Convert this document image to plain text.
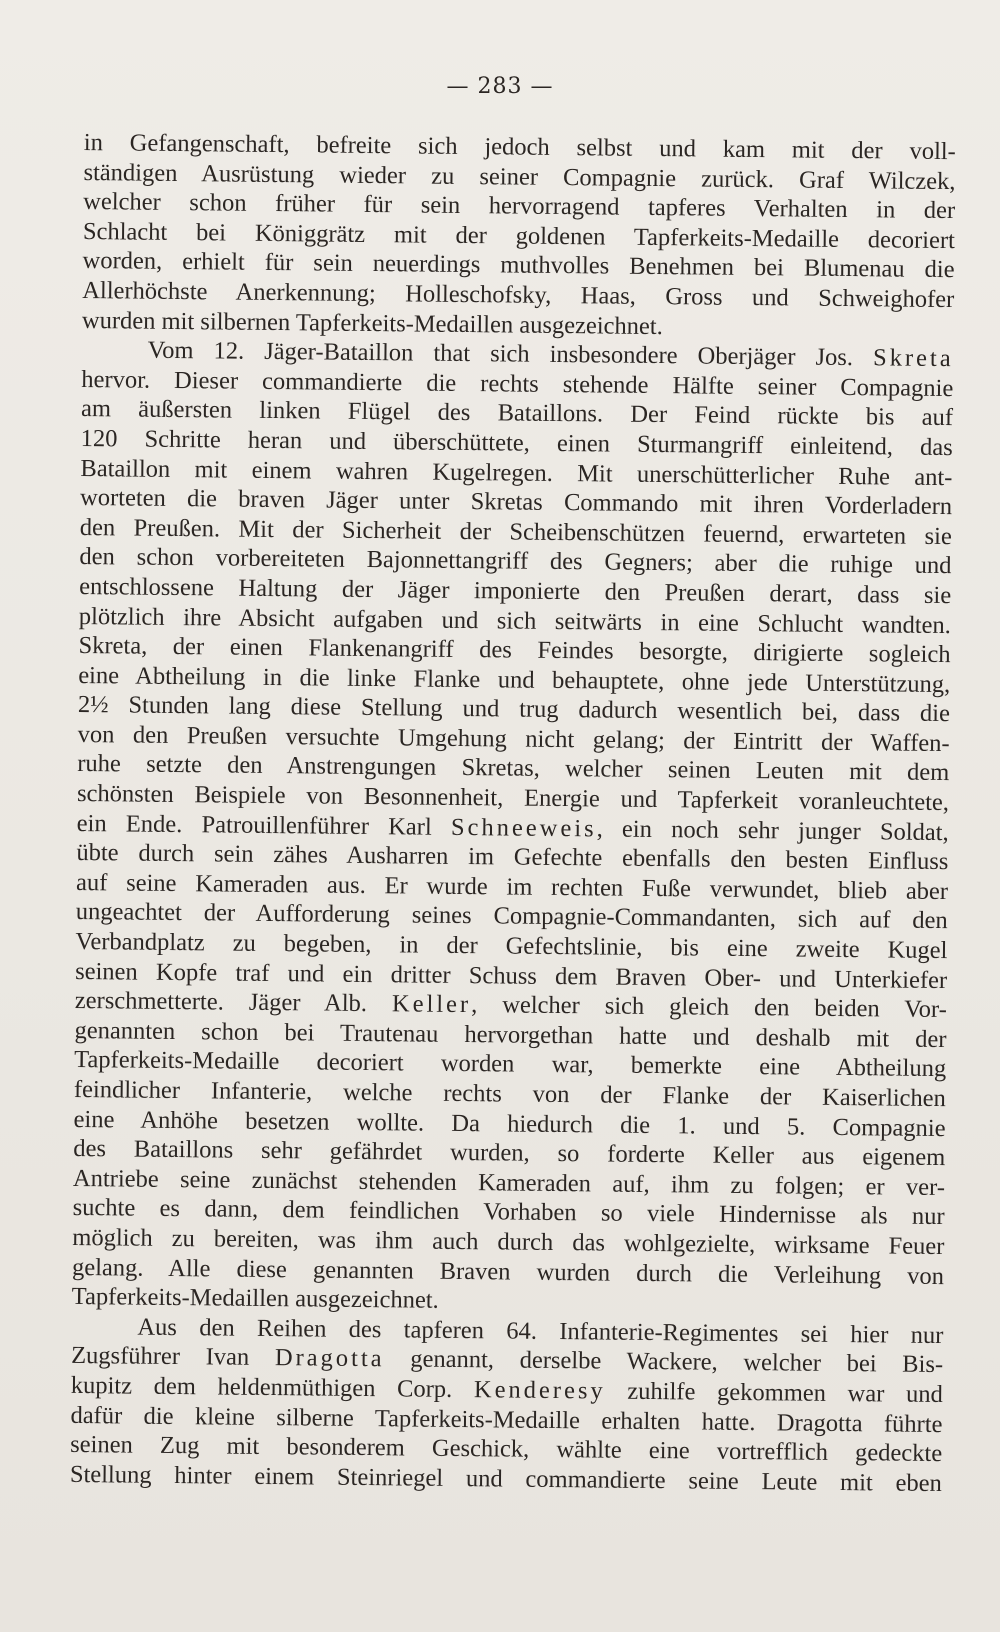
— 283 —
in Gefangenschaft, befreite sich jedoch selbst und kam mit der voll-
ständigen Ausrüstung wieder zu seiner Compagnie zurück. Graf Wilczek,
welcher schon früher für sein hervorragend tapferes Verhalten in der
Schlacht bei Königgrätz mit der goldenen Tapferkeits-Medaille decoriert
worden, erhielt für sein neuerdings muthvolles Benehmen bei Blumenau die
Allerhöchste Anerkennung; Holleschofsky, Haas, Gross und Schweighofer
wurden mit silbernen Tapferkeits-Medaillen ausgezeichnet.
Vom 12. Jäger-Bataillon that sich insbesondere Oberjäger Jos. Skreta
hervor. Dieser commandierte die rechts stehende Hälfte seiner Compagnie
am äußersten linken Flügel des Bataillons. Der Feind rückte bis auf
120 Schritte heran und überschüttete, einen Sturmangriff einleitend, das
Bataillon mit einem wahren Kugelregen. Mit unerschütterlicher Ruhe ant-
worteten die braven Jäger unter Skretas Commando mit ihren Vorderladern
den Preußen. Mit der Sicherheit der Scheibenschützen feuernd, erwarteten sie
den schon vorbereiteten Bajonnettangriff des Gegners; aber die ruhige und
entschlossene Haltung der Jäger imponierte den Preußen derart, dass sie
plötzlich ihre Absicht aufgaben und sich seitwärts in eine Schlucht wandten.
Skreta, der einen Flankenangriff des Feindes besorgte, dirigierte sogleich
eine Abtheilung in die linke Flanke und behauptete, ohne jede Unterstützung,
2½ Stunden lang diese Stellung und trug dadurch wesentlich bei, dass die
von den Preußen versuchte Umgehung nicht gelang; der Eintritt der Waffen-
ruhe setzte den Anstrengungen Skretas, welcher seinen Leuten mit dem
schönsten Beispiele von Besonnenheit, Energie und Tapferkeit voranleuchtete,
ein Ende. Patrouillenführer Karl Schneeweis, ein noch sehr junger Soldat,
übte durch sein zähes Ausharren im Gefechte ebenfalls den besten Einfluss
auf seine Kameraden aus. Er wurde im rechten Fuße verwundet, blieb aber
ungeachtet der Aufforderung seines Compagnie-Commandanten, sich auf den
Verbandplatz zu begeben, in der Gefechtslinie, bis eine zweite Kugel
seinen Kopfe traf und ein dritter Schuss dem Braven Ober- und Unterkiefer
zerschmetterte. Jäger Alb. Keller, welcher sich gleich den beiden Vor-
genannten schon bei Trautenau hervorgethan hatte und deshalb mit der
Tapferkeits-Medaille decoriert worden war, bemerkte eine Abtheilung
feindlicher Infanterie, welche rechts von der Flanke der Kaiserlichen
eine Anhöhe besetzen wollte. Da hiedurch die 1. und 5. Compagnie
des Bataillons sehr gefährdet wurden, so forderte Keller aus eigenem
Antriebe seine zunächst stehenden Kameraden auf, ihm zu folgen; er ver-
suchte es dann, dem feindlichen Vorhaben so viele Hindernisse als nur
möglich zu bereiten, was ihm auch durch das wohlgezielte, wirksame Feuer
gelang. Alle diese genannten Braven wurden durch die Verleihung von
Tapferkeits-Medaillen ausgezeichnet.
Aus den Reihen des tapferen 64. Infanterie-Regimentes sei hier nur
Zugsführer Ivan Dragotta genannt, derselbe Wackere, welcher bei Bis-
kupitz dem heldenmüthigen Corp. Kenderesy zuhilfe gekommen war und
dafür die kleine silberne Tapferkeits-Medaille erhalten hatte. Dragotta führte
seinen Zug mit besonderem Geschick, wählte eine vortrefflich gedeckte
Stellung hinter einem Steinriegel und commandierte seine Leute mit eben
